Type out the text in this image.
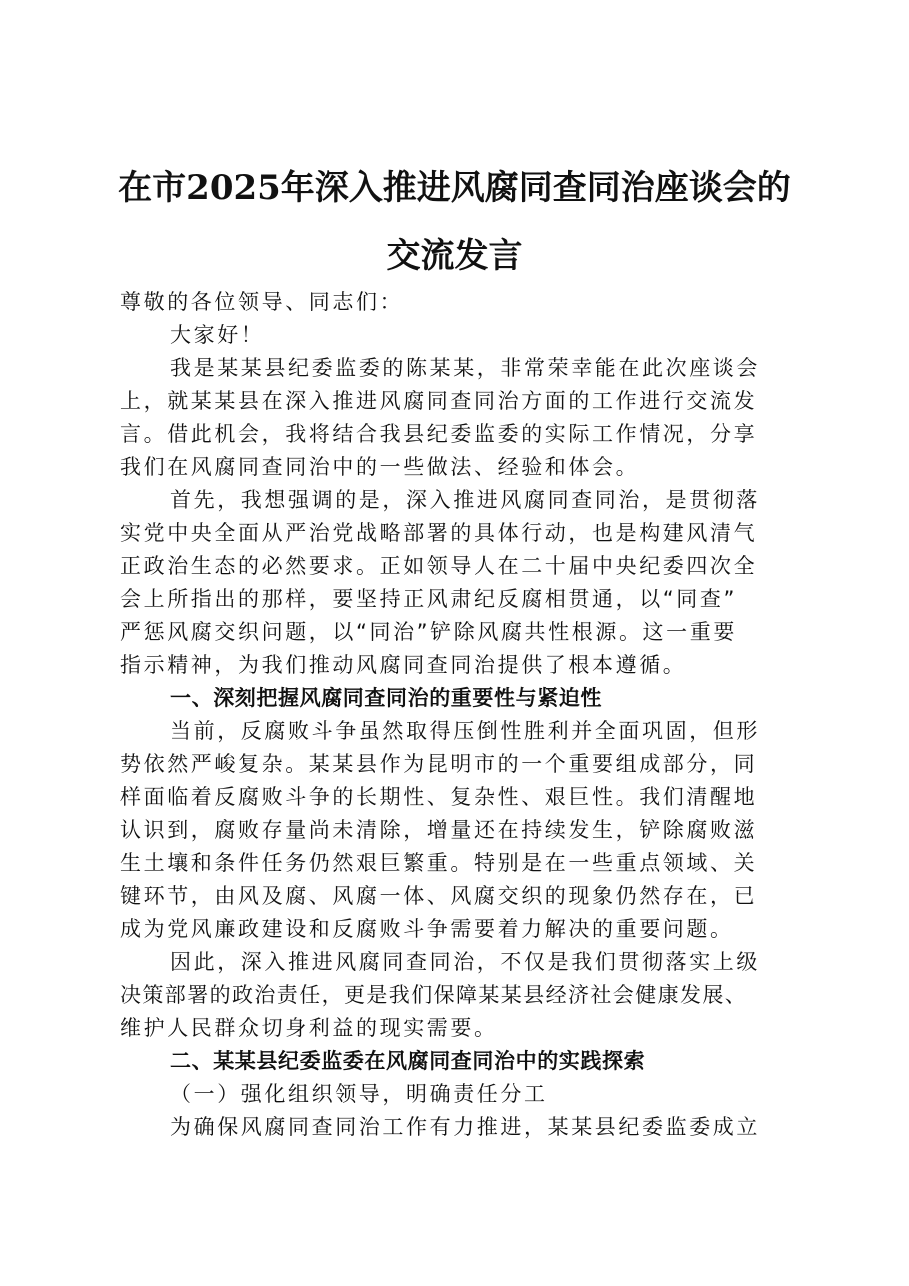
在市2025年深入推进风腐同查同治座谈会的
交流发言
尊敬的各位领导、同志们：
大家好！
我是某某县纪委监委的陈某某，非常荣幸能在此次座谈会
上，就某某县在深入推进风腐同查同治方面的工作进行交流发
言。借此机会，我将结合我县纪委监委的实际工作情况，分享
我们在风腐同查同治中的一些做法、经验和体会。
首先，我想强调的是，深入推进风腐同查同治，是贯彻落
实党中央全面从严治党战略部署的具体行动，也是构建风清气
正政治生态的必然要求。正如领导人在二十届中央纪委四次全
会上所指出的那样，要坚持正风肃纪反腐相贯通，以“同查”
严惩风腐交织问题，以“同治”铲除风腐共性根源。这一重要
指示精神，为我们推动风腐同查同治提供了根本遵循。
一、深刻把握风腐同查同治的重要性与紧迫性
当前，反腐败斗争虽然取得压倒性胜利并全面巩固，但形
势依然严峻复杂。某某县作为昆明市的一个重要组成部分，同
样面临着反腐败斗争的长期性、复杂性、艰巨性。我们清醒地
认识到，腐败存量尚未清除，增量还在持续发生，铲除腐败滋
生土壤和条件任务仍然艰巨繁重。特别是在一些重点领域、关
键环节，由风及腐、风腐一体、风腐交织的现象仍然存在，已
成为党风廉政建设和反腐败斗争需要着力解决的重要问题。
因此，深入推进风腐同查同治，不仅是我们贯彻落实上级
决策部署的政治责任，更是我们保障某某县经济社会健康发展、
维护人民群众切身利益的现实需要。
二、某某县纪委监委在风腐同查同治中的实践探索
（一）强化组织领导，明确责任分工
为确保风腐同查同治工作有力推进，某某县纪委监委成立
